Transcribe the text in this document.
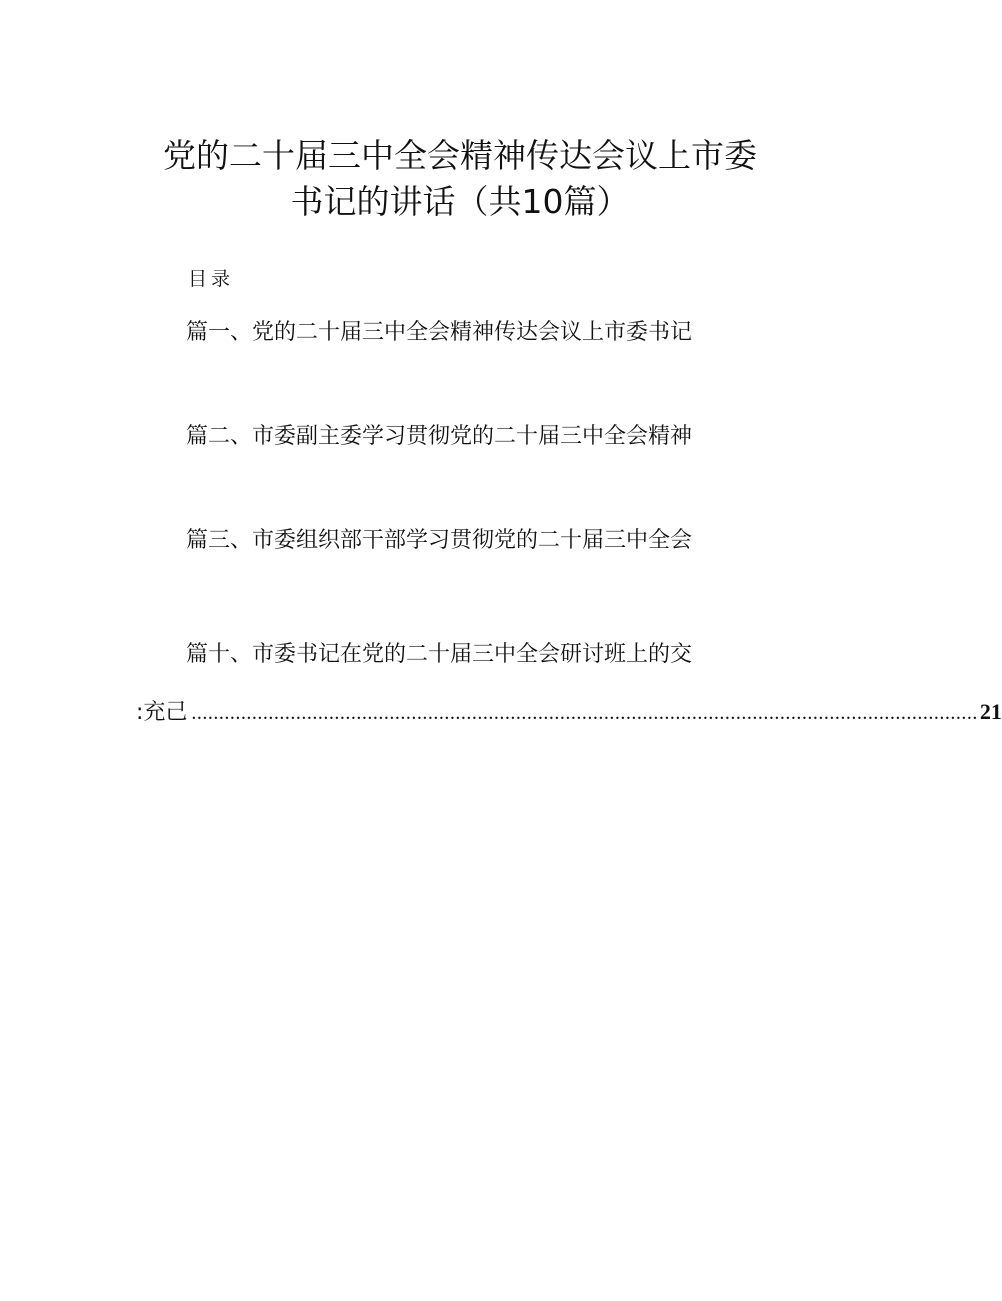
党的二十届三中全会精神传达会议上市委
书记的讲话（共10篇）
目录
篇一、党的二十届三中全会精神传达会议上市委书记
篇二、市委副主委学习贯彻党的二十届三中全会精神
篇三、市委组织部干部学习贯彻党的二十届三中全会
篇十、市委书记在党的二十届三中全会研讨班上的交
:充己 ............................................................................................................................................... 21
